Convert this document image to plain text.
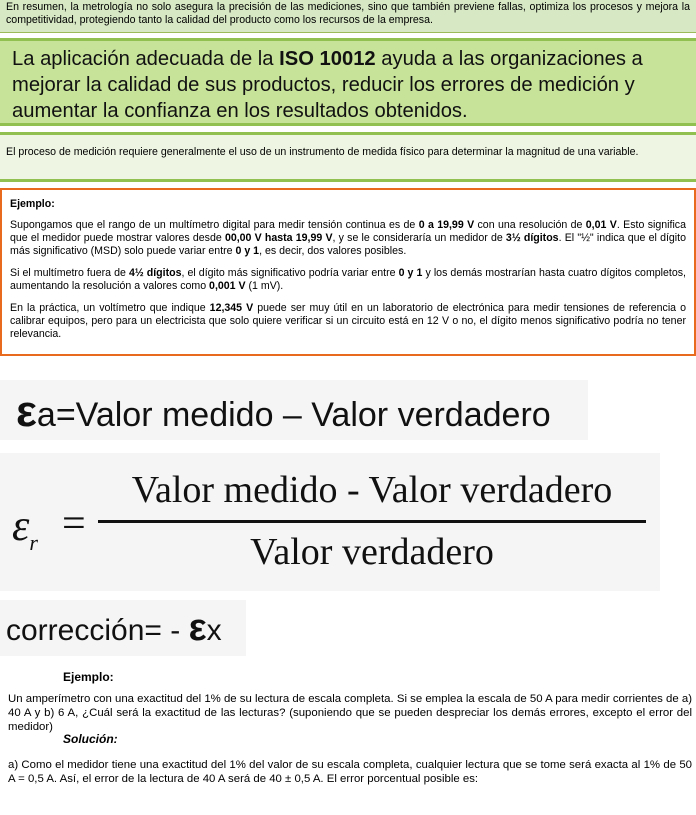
En resumen, la metrología no solo asegura la precisión de las mediciones, sino que también previene fallas, optimiza los procesos y mejora la competitividad, protegiendo tanto la calidad del producto como los recursos de la empresa.
La aplicación adecuada de la ISO 10012 ayuda a las organizaciones a mejorar la calidad de sus productos, reducir los errores de medición y aumentar la confianza en los resultados obtenidos.
El proceso de medición requiere generalmente el uso de un instrumento de medida físico para determinar la magnitud de una variable.

Ejemplo:

Supongamos que el rango de un multímetro digital para medir tensión continua es de 0 a 19,99 V con una resolución de 0,01 V. Esto significa que el medidor puede mostrar valores desde 00,00 V hasta 19,99 V, y se le consideraría un medidor de 3½ dígitos. El "½" indica que el dígito más significativo (MSD) solo puede variar entre 0 y 1, es decir, dos valores posibles.

Si el multímetro fuera de 4½ dígitos, el dígito más significativo podría variar entre 0 y 1 y los demás mostrarían hasta cuatro dígitos completos, aumentando la resolución a valores como 0,001 V (1 mV).

En la práctica, un voltímetro que indique 12,345 V puede ser muy útil en un laboratorio de electrónica para medir tensiones de referencia o calibrar equipos, pero para un electricista que solo quiere verificar si un circuito está en 12 V o no, el dígito menos significativo podría no tener relevancia.

εa=Valor medido – Valor verdadero
$\varepsilon_r$ =
Valor medido - Valor verdadero
Valor verdadero
corrección= - εx
Ejemplo:
Un amperímetro con una exactitud del 1% de su lectura de escala completa. Si se emplea la escala de 50 A para medir corrientes de a) 40 A y b) 6 A, ¿Cuál será la exactitud de las lecturas? (suponiendo que se pueden despreciar los demás errores, excepto el error del medidor)
Solución:
a) Como el medidor tiene una exactitud del 1% del valor de su escala completa, cualquier lectura que se tome será exacta al 1% de 50 A = 0,5 A. Así, el error de la lectura de 40 A será de 40 ± 0,5 A. El error porcentual posible es:
